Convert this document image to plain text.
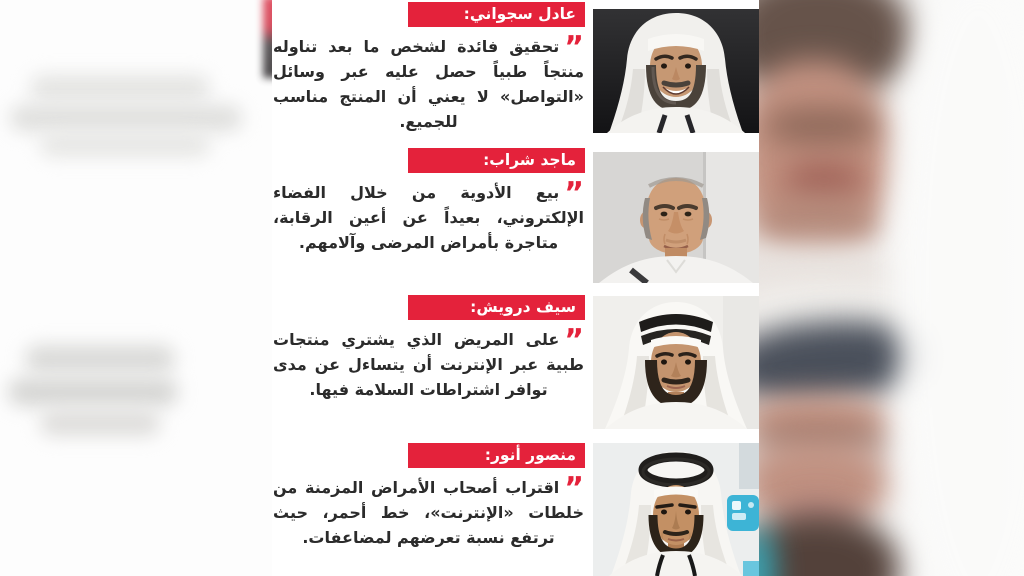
عادل سجواني:

”تحقيق فائدة لشخص ما بعد تناوله منتجاً طبياً حصل عليه عبر وسائل «التواصل» لا يعني أن المنتج مناسب للجميع.

ماجد شراب:

”بيع الأدوية من خلال الفضاء الإلكتروني، بعيداً عن أعين الرقابة، متاجرة بأمراض المرضى وآلامهم.

سيف درويش:

”على المريض الذي يشتري منتجات طبية عبر الإنترنت أن يتساءل عن مدى توافر اشتراطات السلامة فيها.

منصور أنور:

”اقتراب أصحاب الأمراض المزمنة من خلطات «الإنترنت»، خط أحمر، حيث ترتفع نسبة تعرضهم لمضاعفات.
